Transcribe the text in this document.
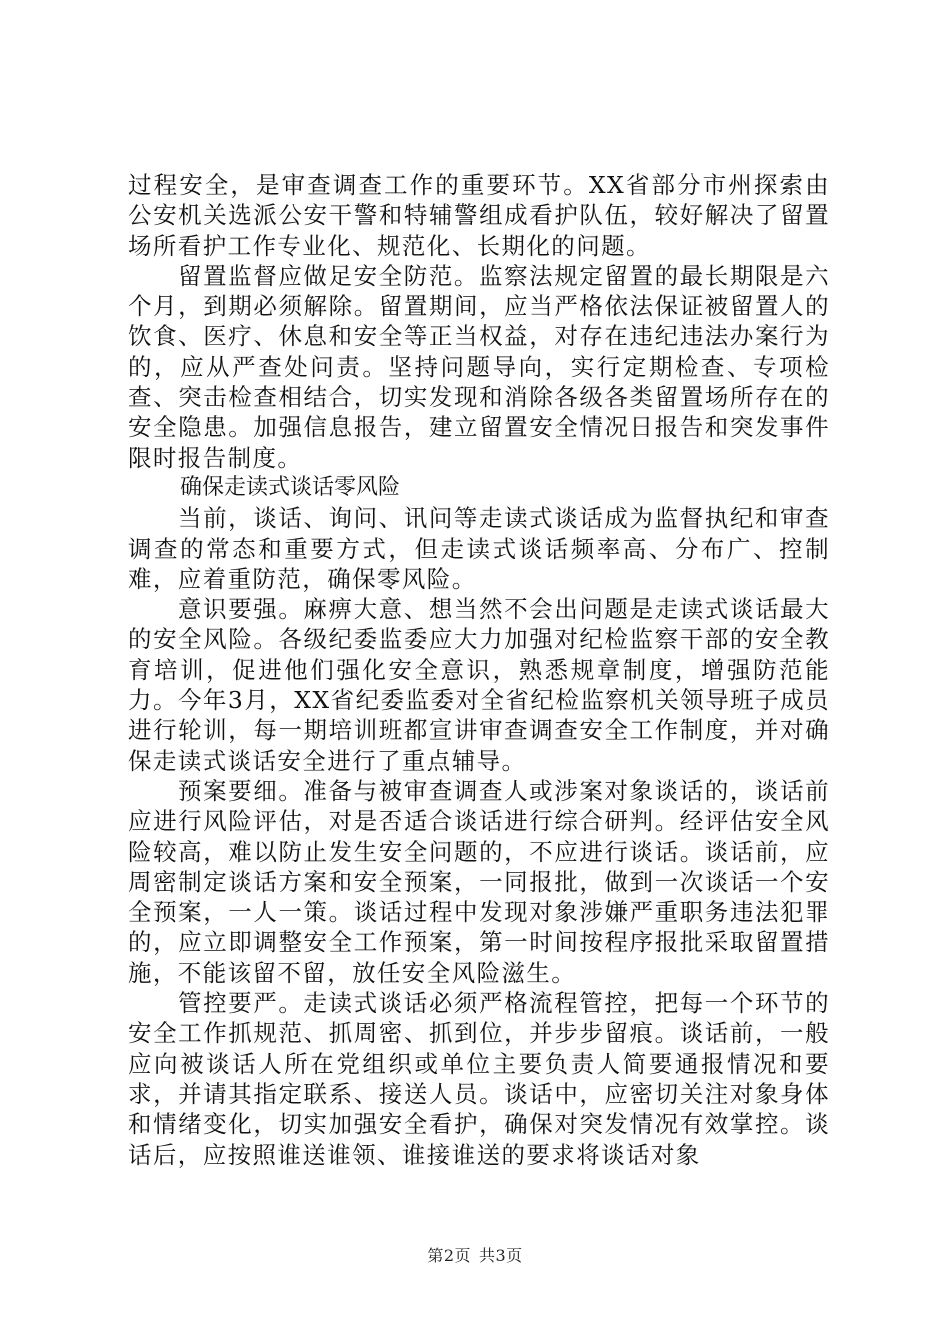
过程安全，是审查调查工作的重要环节。XX省部分市州探索由公安机关选派公安干警和特辅警组成看护队伍，较好解决了留置场所看护工作专业化、规范化、长期化的问题。

留置监督应做足安全防范。监察法规定留置的最长期限是六个月，到期必须解除。留置期间，应当严格依法保证被留置人的饮食、医疗、休息和安全等正当权益，对存在违纪违法办案行为的，应从严查处问责。坚持问题导向，实行定期检查、专项检查、突击检查相结合，切实发现和消除各级各类留置场所存在的安全隐患。加强信息报告，建立留置安全情况日报告和突发事件限时报告制度。

确保走读式谈话零风险

当前，谈话、询问、讯问等走读式谈话成为监督执纪和审查调查的常态和重要方式，但走读式谈话频率高、分布广、控制难，应着重防范，确保零风险。

意识要强。麻痹大意、想当然不会出问题是走读式谈话最大的安全风险。各级纪委监委应大力加强对纪检监察干部的安全教育培训，促进他们强化安全意识，熟悉规章制度，增强防范能力。今年3月，XX省纪委监委对全省纪检监察机关领导班子成员进行轮训，每一期培训班都宣讲审查调查安全工作制度，并对确保走读式谈话安全进行了重点辅导。

预案要细。准备与被审查调查人或涉案对象谈话的，谈话前应进行风险评估，对是否适合谈话进行综合研判。经评估安全风险较高，难以防止发生安全问题的，不应进行谈话。谈话前，应周密制定谈话方案和安全预案，一同报批，做到一次谈话一个安全预案，一人一策。谈话过程中发现对象涉嫌严重职务违法犯罪的，应立即调整安全工作预案，第一时间按程序报批采取留置措施，不能该留不留，放任安全风险滋生。

管控要严。走读式谈话必须严格流程管控，把每一个环节的安全工作抓规范、抓周密、抓到位，并步步留痕。谈话前，一般应向被谈话人所在党组织或单位主要负责人简要通报情况和要求，并请其指定联系、接送人员。谈话中，应密切关注对象身体和情绪变化，切实加强安全看护，确保对突发情况有效掌控。谈话后，应按照谁送谁领、谁接谁送的要求将谈话对象

第2页 共3页
